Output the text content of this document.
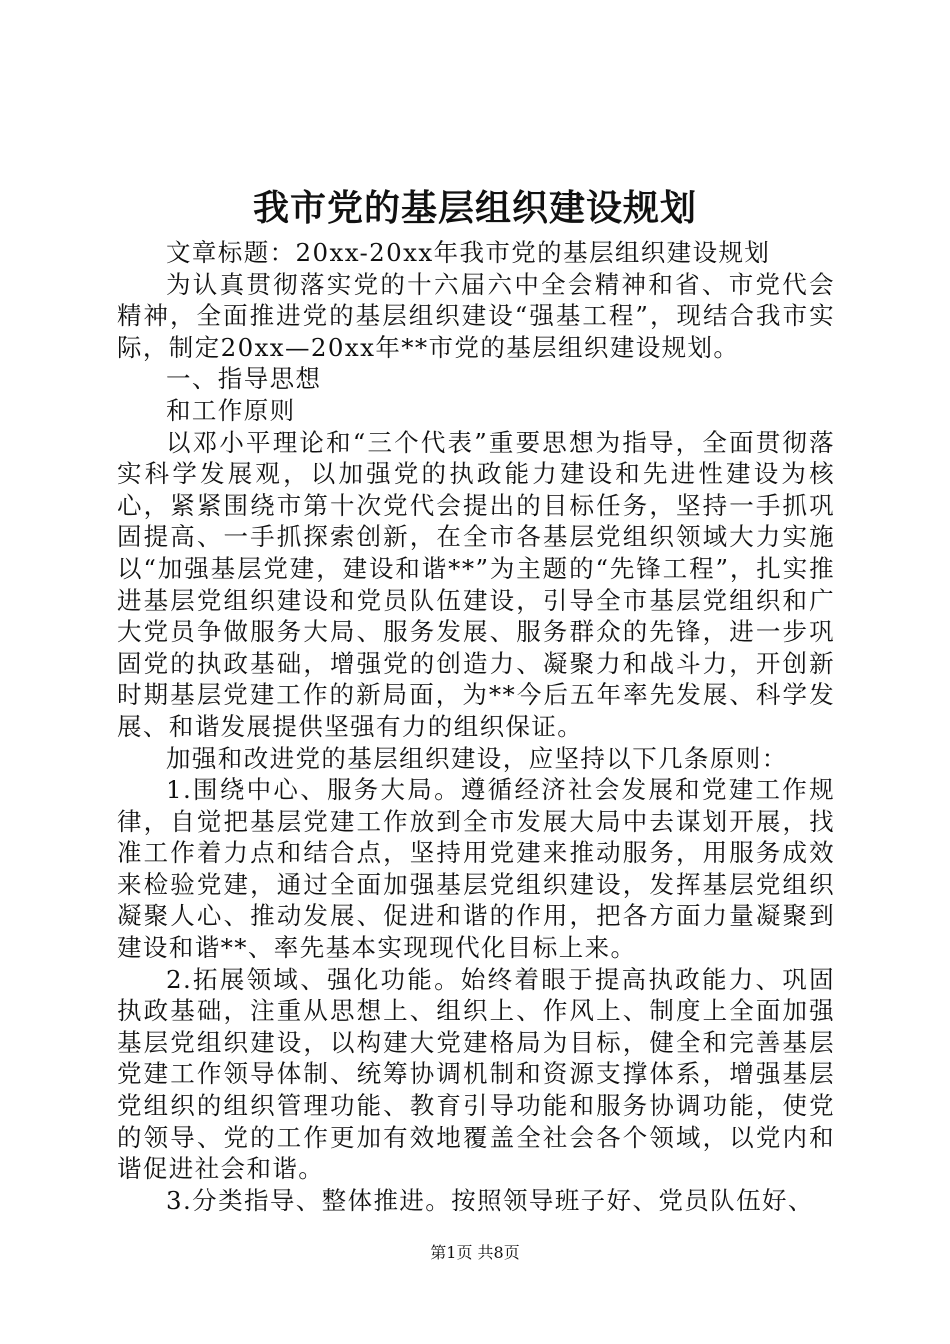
我市党的基层组织建设规划

文章标题：20xx-20xx年我市党的基层组织建设规划

为认真贯彻落实党的十六届六中全会精神和省、市党代会精神，全面推进党的基层组织建设“强基工程”，现结合我市实际，制定20xx—20xx年**市党的基层组织建设规划。

一、指导思想

和工作原则

以邓小平理论和“三个代表”重要思想为指导，全面贯彻落实科学发展观，以加强党的执政能力建设和先进性建设为核心，紧紧围绕市第十次党代会提出的目标任务，坚持一手抓巩固提高、一手抓探索创新，在全市各基层党组织领域大力实施以“加强基层党建，建设和谐**”为主题的“先锋工程”，扎实推进基层党组织建设和党员队伍建设，引导全市基层党组织和广大党员争做服务大局、服务发展、服务群众的先锋，进一步巩固党的执政基础，增强党的创造力、凝聚力和战斗力，开创新时期基层党建工作的新局面，为**今后五年率先发展、科学发展、和谐发展提供坚强有力的组织保证。

加强和改进党的基层组织建设，应坚持以下几条原则：

1.围绕中心、服务大局。遵循经济社会发展和党建工作规律，自觉把基层党建工作放到全市发展大局中去谋划开展，找准工作着力点和结合点，坚持用党建来推动服务，用服务成效来检验党建，通过全面加强基层党组织建设，发挥基层党组织凝聚人心、推动发展、促进和谐的作用，把各方面力量凝聚到建设和谐**、率先基本实现现代化目标上来。

2.拓展领域、强化功能。始终着眼于提高执政能力、巩固执政基础，注重从思想上、组织上、作风上、制度上全面加强基层党组织建设，以构建大党建格局为目标，健全和完善基层党建工作领导体制、统筹协调机制和资源支撑体系，增强基层党组织的组织管理功能、教育引导功能和服务协调功能，使党的领导、党的工作更加有效地覆盖全社会各个领域，以党内和谐促进社会和谐。

3.分类指导、整体推进。按照领导班子好、党员队伍好、

第1页 共8页
